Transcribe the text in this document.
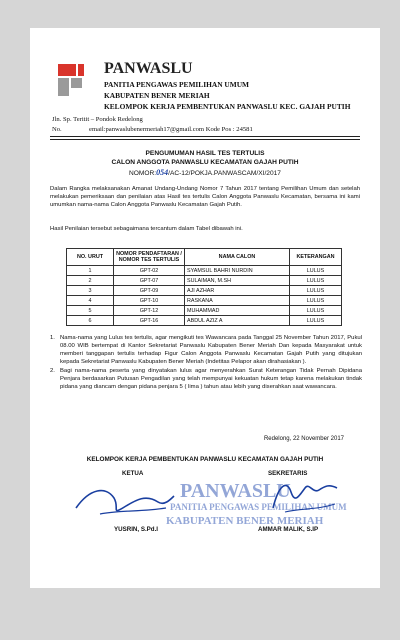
PANWASLU
PANITIA PENGAWAS PEMILIHAN UMUM
KABUPATEN BENER MERIAH
KELOMPOK KERJA PEMBENTUKAN PANWASLU KEC. GAJAH PUTIH
Jln. Sp. Teritit – Pondok Redelong
No.	email:panwaslubenermeriah17@gmail.com Kode Pos : 24581
PENGUMUMAN HASIL TES TERTULIS
CALON ANGGOTA PANWASLU KECAMATAN GAJAH PUTIH
NOMOR:054/AC-12/POKJA.PANWASCAM/XI/2017
Dalam Rangka melaksanakan Amanat Undang-Undang Nomor 7 Tahun 2017 tentang Pemilihan Umum dan setelah melakukan pemeriksaan dan penilaian atas Hasil tes tertulis Calon Anggota Panwaslu Kecamatan, bersama ini kami umumkan nama-nama Calon Anggota Panwaslu Kecamatan Gajah Putih.
Hasil Penilaian tersebut sebagaimana tercantum dalam Tabel dibawah ini.
NO. URUT	NOMOR PENDAFTARAN / NOMOR TES TERTULIS	NAMA CALON	KETERANGAN
1	GPT-02	SYAMSUL BAHRI NURDIN	LULUS
2	GPT-07	SULAIMAN, M.SH	LULUS
3	GPT-09	AJI AZHAR	LULUS
4	GPT-10	RASKANA	LULUS
5	GPT-12	MUHAMMAD	LULUS
6	GPT-16	ABDUL AZIZ A	LULUS
1. Nama-nama yang Lulus tes tertulis, agar mengikuti tes Wawancara pada Tanggal 25 November Tahun 2017, Pukul 08.00 WIB bertempat di Kantor Sekretariat Panwaslu Kabupaten Bener Meriah Dan kepada Masyarakat untuk memberi tanggapan tertulis terhadap Figur Calon Anggota Panwaslu Kecamatan Gajah Putih yang ditujukan kepada Sekretariat Panwaslu Kabupaten Bener Meriah (Indetitas Pelapor akan dirahasiakan ).
2. Bagi nama-nama peserta yang dinyatakan lulus agar menyerahkan Surat Keterangan Tidak Pernah Dipidana Penjara berdasarkan Putusan Pengadilan yang telah mempunyai kekuatan hukum tetap karena melakukan tindak pidana yang diancam dengan pidana penjara 5 ( lima ) tahun atau lebih yang diserahkan saat wawancara.
Redelong, 22 November 2017
KELOMPOK KERJA PEMBENTUKAN PANWASLU KECAMATAN GAJAH PUTIH
KETUA	SEKRETARIS
PANWASLU
PANITIA PENGAWAS PEMILIHAN UMUM
KABUPATEN BENER MERIAH
YUSRIN, S.Pd.I	AMMAR MALIK, S.IP
